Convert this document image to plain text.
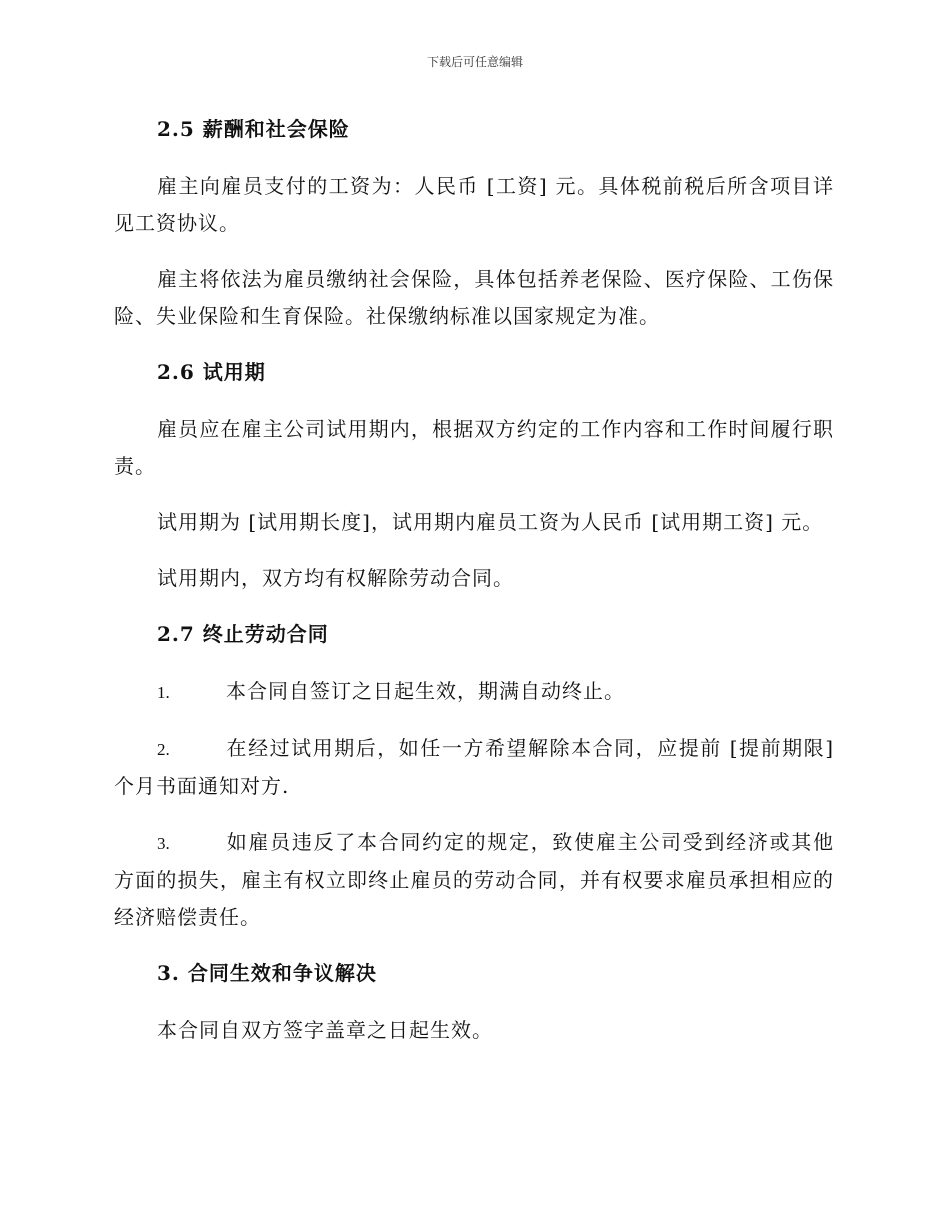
下载后可任意编辑
2.5 薪酬和社会保险

雇主向雇员支付的工资为：人民币 [工资] 元。具体税前税后所含项目详见工资协议。

雇主将依法为雇员缴纳社会保险，具体包括养老保险、医疗保险、工伤保险、失业保险和生育保险。社保缴纳标准以国家规定为准。

2.6 试用期

雇员应在雇主公司试用期内，根据双方约定的工作内容和工作时间履行职责。

试用期为 [试用期长度]，试用期内雇员工资为人民币 [试用期工资] 元。

试用期内，双方均有权解除劳动合同。

2.7 终止劳动合同

1.	本合同自签订之日起生效，期满自动终止。

2.	在经过试用期后，如任一方希望解除本合同，应提前 [提前期限] 个月书面通知对方.

3.	如雇员违反了本合同约定的规定，致使雇主公司受到经济或其他方面的损失，雇主有权立即终止雇员的劳动合同，并有权要求雇员承担相应的经济赔偿责任。

3. 合同生效和争议解决

本合同自双方签字盖章之日起生效。
